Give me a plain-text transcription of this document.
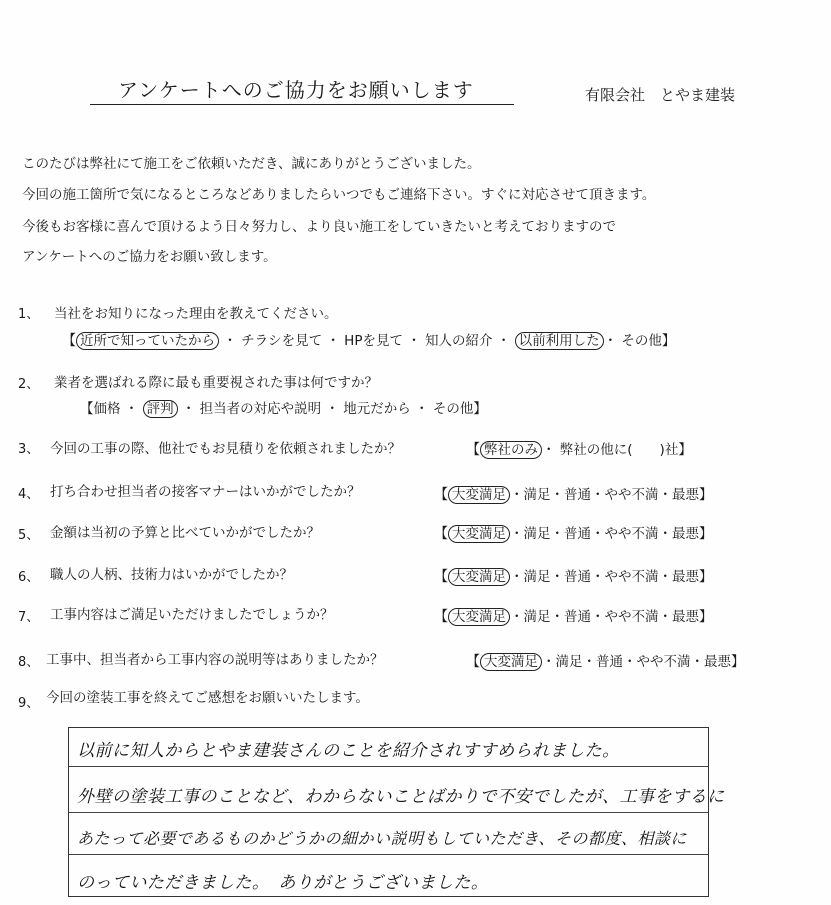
アンケートへのご協力をお願いします	有限会社　とやま建装
このたびは弊社にて施工をご依頼いただき、誠にありがとうございました。
今回の施工箇所で気になるところなどありましたらいつでもご連絡下さい。すぐに対応させて頂きます。
今後もお客様に喜んで頂けるよう日々努力し、より良い施工をしていきたいと考えておりますので
アンケートへのご協力をお願い致します。
1、 当社をお知りになった理由を教えてください。
【 近所で知っていたから ・ チラシを見て ・ HPを見て ・ 知人の紹介 ・ 以前利用した ・ その他】
2、 業者を選ばれる際に最も重要視された事は何ですか？
【価格 ・ 評判 ・ 担当者の対応や説明 ・ 地元だから ・ その他】
3、 今回の工事の際、他社でもお見積りを依頼されましたか？	【 弊社のみ ・ 弊社の他に(　　)社】
4、 打ち合わせ担当者の接客マナーはいかがでしたか？	【 大変満足 ・満足・普通・やや不満・最悪】
5、 金額は当初の予算と比べていかがでしたか？	【 大変満足 ・満足・普通・やや不満・最悪】
6、 職人の人柄、技術力はいかがでしたか？	【 大変満足 ・満足・普通・やや不満・最悪】
7、 工事内容はご満足いただけましたでしょうか？	【 大変満足 ・満足・普通・やや不満・最悪】
8、 工事中、担当者から工事内容の説明等はありましたか？	【 大変満足 ・満足・普通・やや不満・最悪】
9、 今回の塗装工事を終えてご感想をお願いいたします。
以前に知人からとやま建装さんのことを紹介されすすめられました。
外壁の塗装工事のことなど、わからないことばかりで不安でしたが、工事をするに
あたって必要であるものかどうかの細かい説明もしていただき、その都度、相談に
のっていただきました。　ありがとうございました。
